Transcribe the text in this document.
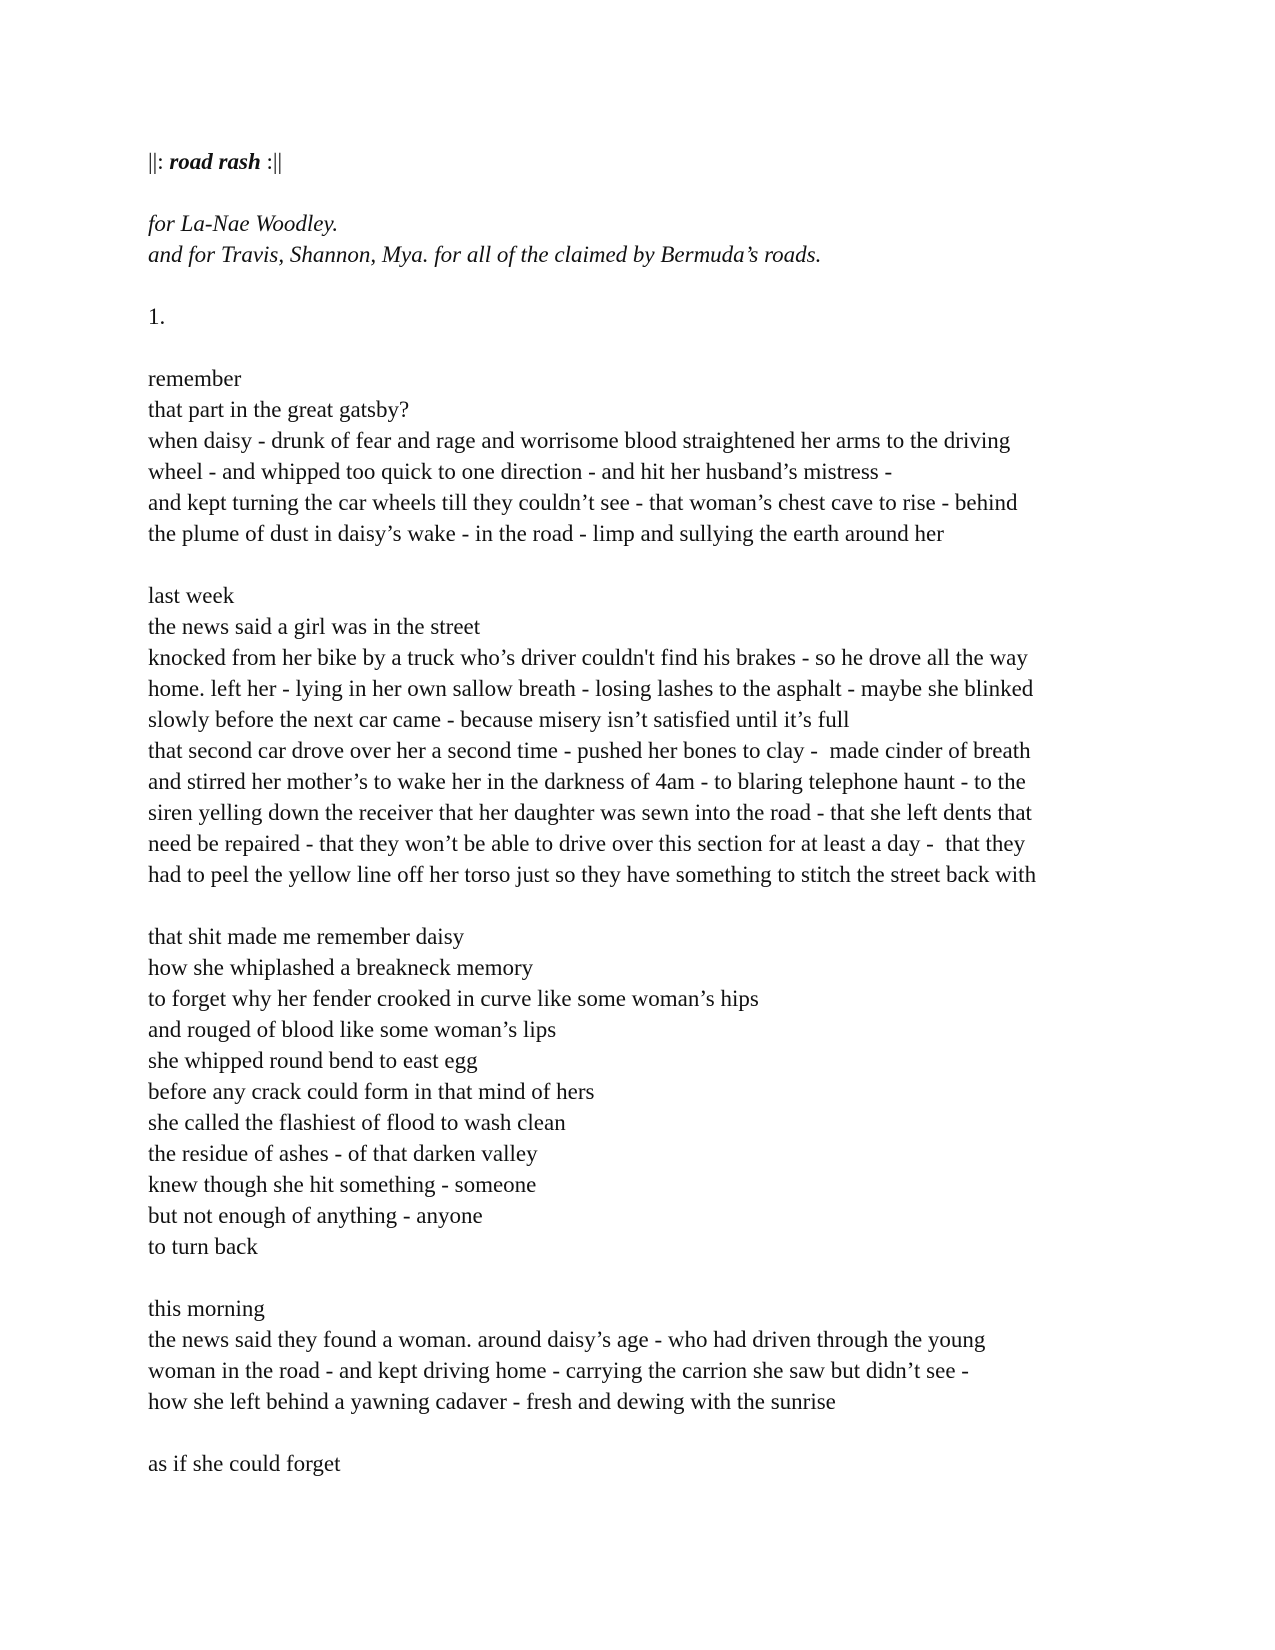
||: road rash :||
for La-Nae Woodley.
and for Travis, Shannon, Mya. for all of the claimed by Bermuda’s roads.
1.
remember
that part in the great gatsby?
when daisy - drunk of fear and rage and worrisome blood straightened her arms to the driving
wheel - and whipped too quick to one direction - and hit her husband’s mistress -
and kept turning the car wheels till they couldn’t see - that woman’s chest cave to rise - behind
the plume of dust in daisy’s wake - in the road - limp and sullying the earth around her
last week
the news said a girl was in the street
knocked from her bike by a truck who’s driver couldn't find his brakes - so he drove all the way
home. left her - lying in her own sallow breath - losing lashes to the asphalt - maybe she blinked
slowly before the next car came - because misery isn’t satisfied until it’s full
that second car drove over her a second time - pushed her bones to clay -  made cinder of breath
and stirred her mother’s to wake her in the darkness of 4am - to blaring telephone haunt - to the
siren yelling down the receiver that her daughter was sewn into the road - that she left dents that
need be repaired - that they won’t be able to drive over this section for at least a day -  that they
had to peel the yellow line off her torso just so they have something to stitch the street back with
that shit made me remember daisy
how she whiplashed a breakneck memory
to forget why her fender crooked in curve like some woman’s hips
and rouged of blood like some woman’s lips
she whipped round bend to east egg
before any crack could form in that mind of hers
she called the flashiest of flood to wash clean
the residue of ashes - of that darken valley
knew though she hit something - someone
but not enough of anything - anyone
to turn back
this morning
the news said they found a woman. around daisy’s age - who had driven through the young
woman in the road - and kept driving home - carrying the carrion she saw but didn’t see -
how she left behind a yawning cadaver - fresh and dewing with the sunrise
as if she could forget
